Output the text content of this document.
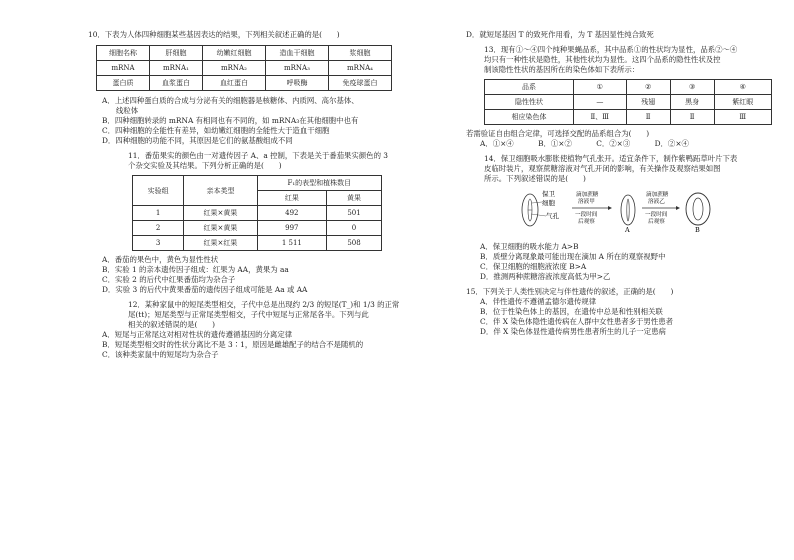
10．下表为人体四种细胞某些基因表达的结果，下列相关叙述正确的是(　　)

细胞名称	肝细胞	幼嫩红细胞	造血干细胞	浆细胞
mRNA	mRNA₁	mRNA₂	mRNA₃	mRNA₄
蛋白质	血浆蛋白	血红蛋白	呼吸酶	免疫球蛋白

A．上述四种蛋白质的合成与分泌有关的细胞器是核糖体、内质网、高尔基体、

线粒体

B．四种细胞转录的 mRNA 有相同也有不同的，如 mRNA₃在其他细胞中也有

C．四种细胞的全能性有差异，如幼嫩红细胞的全能性大于造血干细胞

D．四种细胞的功能不同，其原因是它们的氨基酸组成不同

11．番茄果实的颜色由一对遗传因子 A、a 控制，下表是关于番茄果实颜色的 3

个杂交实验及其结果。下列分析正确的是(　　)

实验组	亲本类型	F₁的表型和植株数目	
		红果	黄果
1	红果×黄果	492	501
2	红果×黄果	997	0
3	红果×红果	1 511	508

A．番茄的果色中，黄色为显性性状

B．实验 1 的亲本遗传因子组成：红果为 AA，黄果为 aa

C．实验 2 的后代中红果番茄均为杂合子

D．实验 3 的后代中黄果番茄的遗传因子组成可能是 Aa 或 AA

12．某种家鼠中的短尾类型相交，子代中总是出现约 2/3 的短尾(T_)和 1/3 的正常

尾(tt)；短尾类型与正常尾类型相交，子代中短尾与正常尾各半。下列与此

相关的叙述错误的是(　　)

A．短尾与正常尾这对相对性状的遗传遵循基因的分离定律

B．短尾类型相交时的性状分离比不是 3∶1，原因是雌雄配子的结合不是随机的

C．该种类家鼠中的短尾均为杂合子

D．就短尾基因 T 的致死作用看，为 T 基因显性纯合致死

13．现有①～④四个纯种果蝇品系，其中品系①的性状均为显性，品系②～④

均只有一种性状是隐性，其他性状均为显性。这四个品系的隐性性状及控

制该隐性性状的基因所在的染色体如下表所示：

品系	①	②	③	④
隐性性状	—	残翅	黑身	紫红眼
相应染色体	Ⅱ、Ⅲ	Ⅱ	Ⅱ	Ⅲ

若需验证自由组合定律，可选择交配的品系组合为(　　)

A．①×④	B．①×②	C．②×③	D．②×④

14．保卫细胞吸水膨胀使植物气孔张开。适宜条件下，制作紫鸭跖草叶片下表

皮临时装片，观察蔗糖溶液对气孔开闭的影响，有关操作及观察结果如图

所示。下列叙述错误的是(　　)

保卫
细胞
气孔
滴加蔗糖
溶液甲
一段时间
后观察
A
滴加蔗糖
溶液乙
一段时间
后观察
B

A．保卫细胞的吸水能力 A>B

B．质壁分离现象最可能出现在滴加 A 所在的观察视野中

C．保卫细胞的细胞液浓度 B>A

D．推测两种蔗糖溶液浓度高低为甲>乙

15．下列关于人类性别决定与伴性遗传的叙述，正确的是(　　)

A．伴性遗传不遵循孟德尔遗传规律

B．位于性染色体上的基因，在遗传中总是和性别相关联

C．伴 X 染色体隐性遗传病在人群中女性患者多于男性患者

D．伴 X 染色体显性遗传病男性患者所生的儿子一定患病
